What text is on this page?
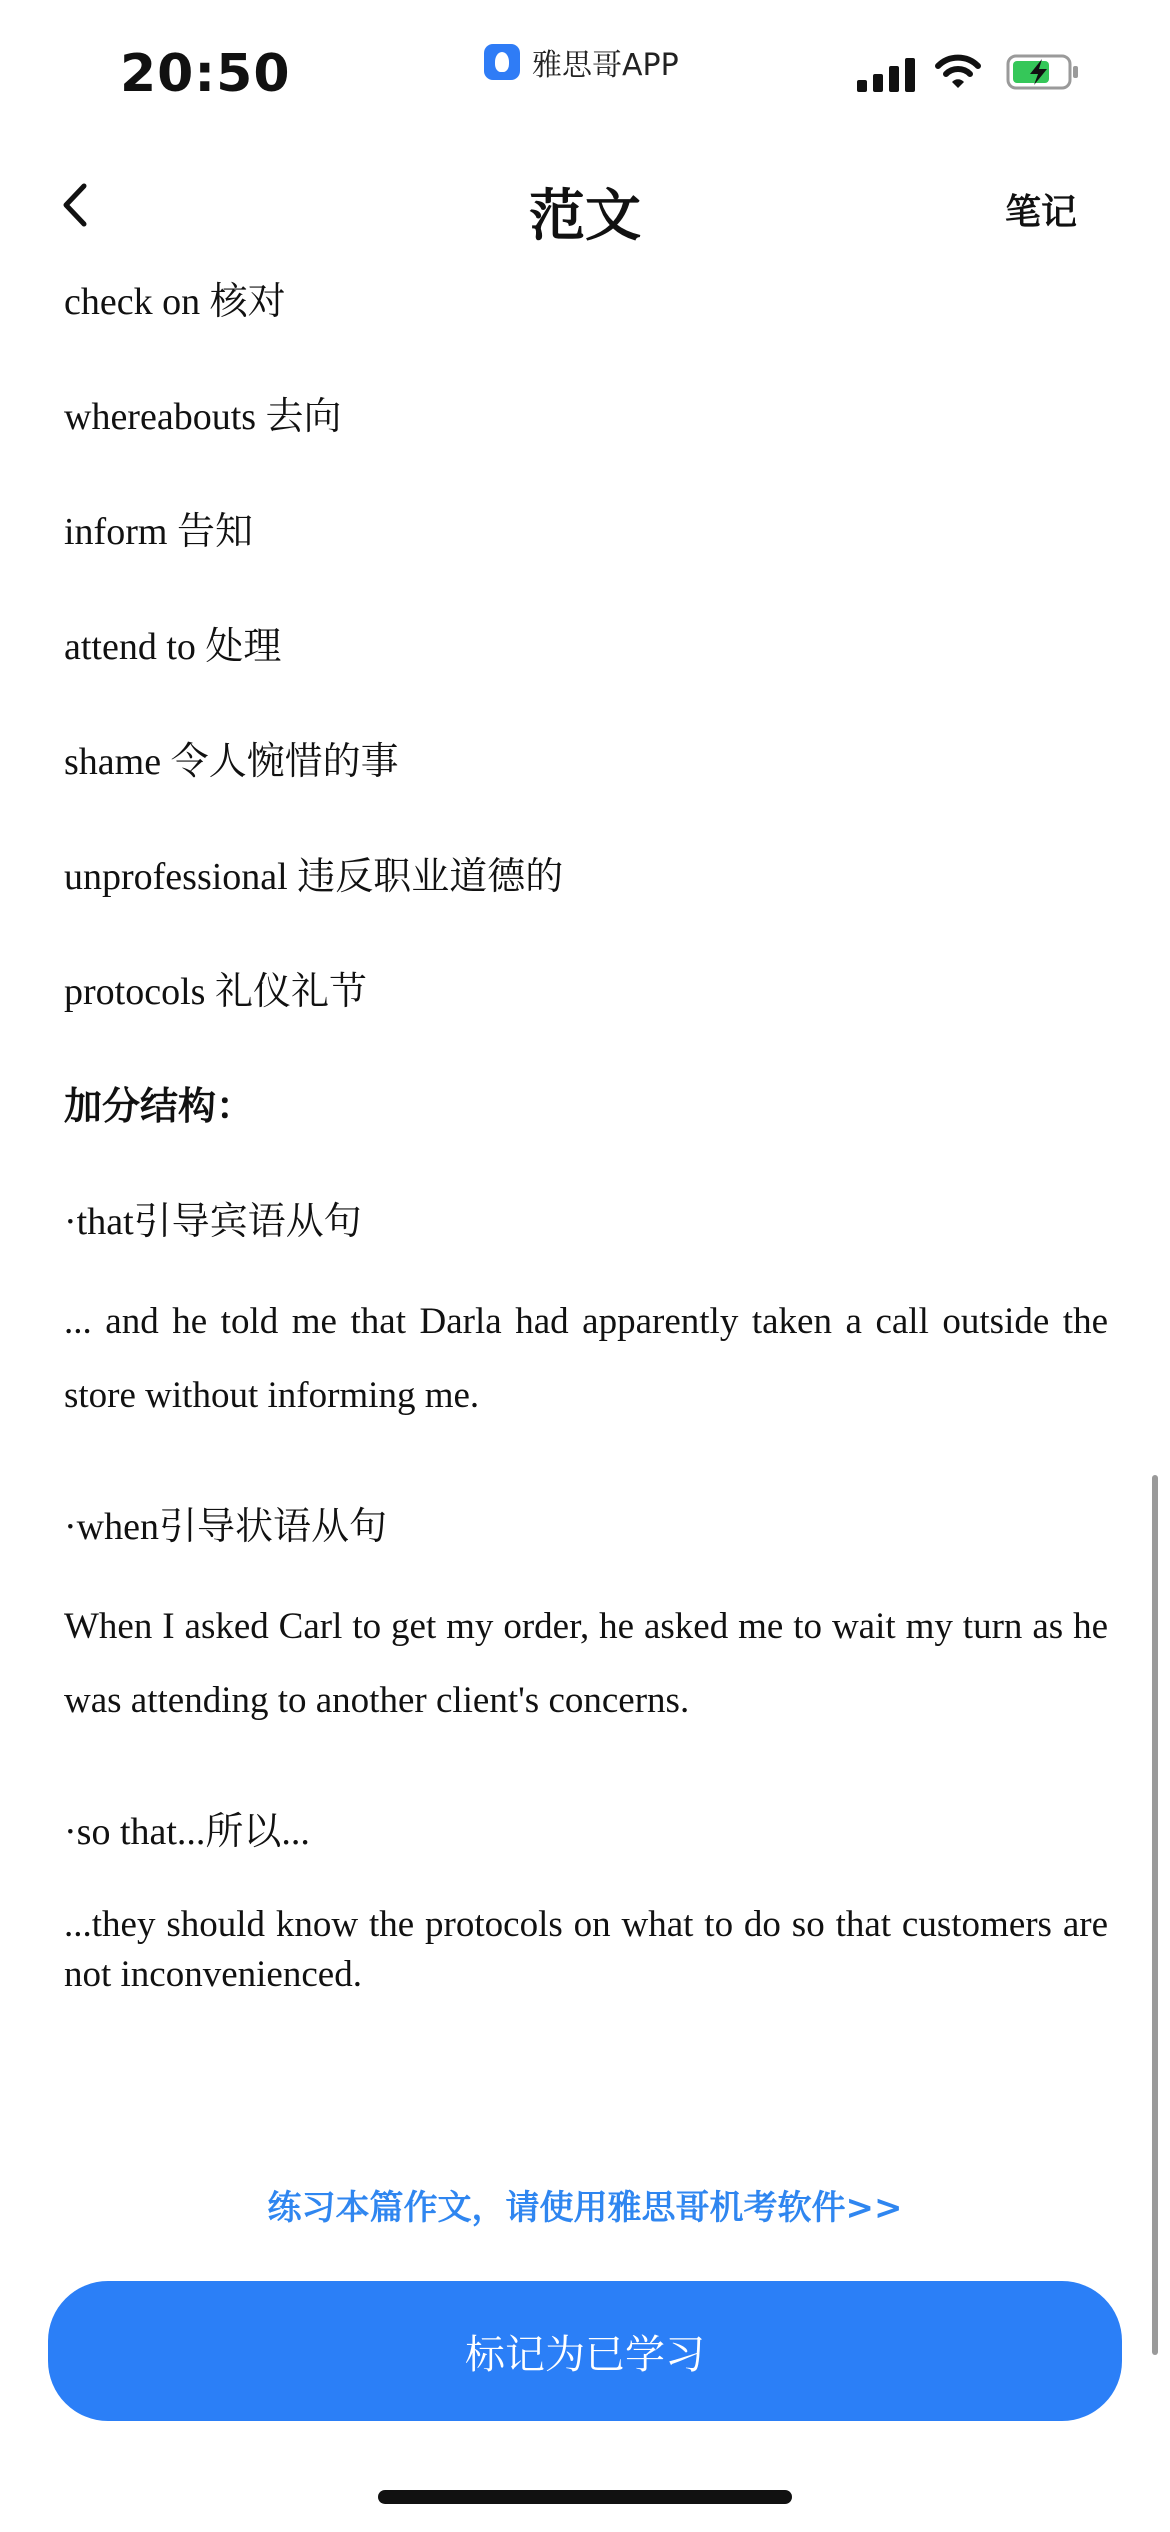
20:50	雅思哥APP
范文	笔记
check on 核对
whereabouts 去向
inform 告知
attend to 处理
shame 令人惋惜的事
unprofessional 违反职业道德的
protocols 礼仪礼节
加分结构：
·that引导宾语从句
... and he told me that Darla had apparently taken a call outside the store without informing me.
·when引导状语从句
When I asked Carl to get my order, he asked me to wait my turn as he was attending to another client's concerns.
·so that...所以...
...they should know the protocols on what to do so that customers are not inconvenienced.
练习本篇作文，请使用雅思哥机考软件>>
标记为已学习
